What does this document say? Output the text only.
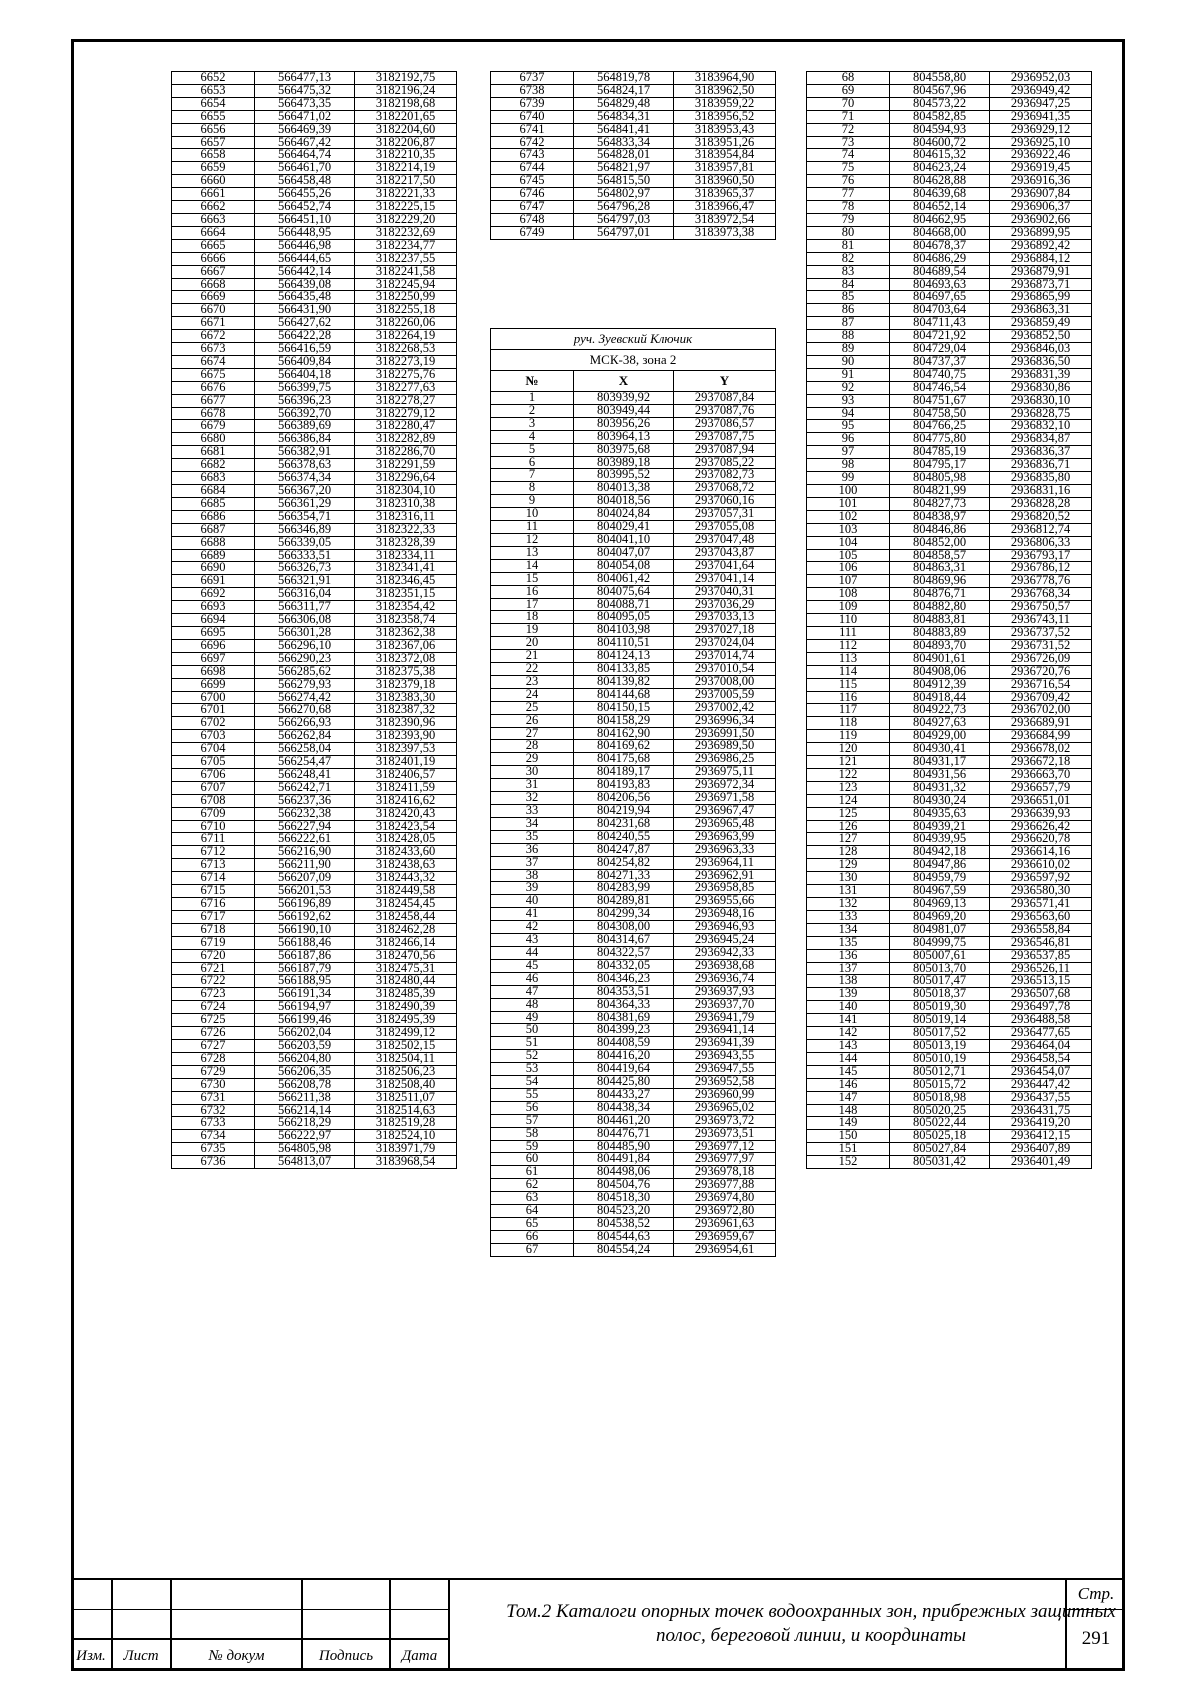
6652	566477,13	3182192,75
6653	566475,32	3182196,24
6654	566473,35	3182198,68
6655	566471,02	3182201,65
6656	566469,39	3182204,60
6657	566467,42	3182206,87
6658	566464,74	3182210,35
6659	566461,70	3182214,19
6660	566458,48	3182217,50
6661	566455,26	3182221,33
6662	566452,74	3182225,15
6663	566451,10	3182229,20
6664	566448,95	3182232,69
6665	566446,98	3182234,77
6666	566444,65	3182237,55
6667	566442,14	3182241,58
6668	566439,08	3182245,94
6669	566435,48	3182250,99
6670	566431,90	3182255,18
6671	566427,62	3182260,06
6672	566422,28	3182264,19
6673	566416,59	3182268,53
6674	566409,84	3182273,19
6675	566404,18	3182275,76
6676	566399,75	3182277,63
6677	566396,23	3182278,27
6678	566392,70	3182279,12
6679	566389,69	3182280,47
6680	566386,84	3182282,89
6681	566382,91	3182286,70
6682	566378,63	3182291,59
6683	566374,34	3182296,64
6684	566367,20	3182304,10
6685	566361,29	3182310,38
6686	566354,71	3182316,11
6687	566346,89	3182322,33
6688	566339,05	3182328,39
6689	566333,51	3182334,11
6690	566326,73	3182341,41
6691	566321,91	3182346,45
6692	566316,04	3182351,15
6693	566311,77	3182354,42
6694	566306,08	3182358,74
6695	566301,28	3182362,38
6696	566296,10	3182367,06
6697	566290,23	3182372,08
6698	566285,62	3182375,38
6699	566279,93	3182379,18
6700	566274,42	3182383,30
6701	566270,68	3182387,32
6702	566266,93	3182390,96
6703	566262,84	3182393,90
6704	566258,04	3182397,53
6705	566254,47	3182401,19
6706	566248,41	3182406,57
6707	566242,71	3182411,59
6708	566237,36	3182416,62
6709	566232,38	3182420,43
6710	566227,94	3182423,54
6711	566222,61	3182428,05
6712	566216,90	3182433,60
6713	566211,90	3182438,63
6714	566207,09	3182443,32
6715	566201,53	3182449,58
6716	566196,89	3182454,45
6717	566192,62	3182458,44
6718	566190,10	3182462,28
6719	566188,46	3182466,14
6720	566187,86	3182470,56
6721	566187,79	3182475,31
6722	566188,95	3182480,44
6723	566191,34	3182485,39
6724	566194,97	3182490,39
6725	566199,46	3182495,39
6726	566202,04	3182499,12
6727	566203,59	3182502,15
6728	566204,80	3182504,11
6729	566206,35	3182506,23
6730	566208,78	3182508,40
6731	566211,38	3182511,07
6732	566214,14	3182514,63
6733	566218,29	3182519,28
6734	566222,97	3182524,10
6735	564805,98	3183971,79
6736	564813,07	3183968,54
6737	564819,78	3183964,90
6738	564824,17	3183962,50
6739	564829,48	3183959,22
6740	564834,31	3183956,52
6741	564841,41	3183953,43
6742	564833,34	3183951,26
6743	564828,01	3183954,84
6744	564821,97	3183957,81
6745	564815,50	3183960,50
6746	564802,97	3183965,37
6747	564796,28	3183966,47
6748	564797,03	3183972,54
6749	564797,01	3183973,38
руч. Зуевский Ключик		
МСК-38, зона 2		
№	X	Y
1	803939,92	2937087,84
2	803949,44	2937087,76
3	803956,26	2937086,57
4	803964,13	2937087,75
5	803975,68	2937087,94
6	803989,18	2937085,22
7	803995,52	2937082,73
8	804013,38	2937068,72
9	804018,56	2937060,16
10	804024,84	2937057,31
11	804029,41	2937055,08
12	804041,10	2937047,48
13	804047,07	2937043,87
14	804054,08	2937041,64
15	804061,42	2937041,14
16	804075,64	2937040,31
17	804088,71	2937036,29
18	804095,05	2937033,13
19	804103,98	2937027,18
20	804110,51	2937024,04
21	804124,13	2937014,74
22	804133,85	2937010,54
23	804139,82	2937008,00
24	804144,68	2937005,59
25	804150,15	2937002,42
26	804158,29	2936996,34
27	804162,90	2936991,50
28	804169,62	2936989,50
29	804175,68	2936986,25
30	804189,17	2936975,11
31	804193,83	2936972,34
32	804206,56	2936971,58
33	804219,94	2936967,47
34	804231,68	2936965,48
35	804240,55	2936963,99
36	804247,87	2936963,33
37	804254,82	2936964,11
38	804271,33	2936962,91
39	804283,99	2936958,85
40	804289,81	2936955,66
41	804299,34	2936948,16
42	804308,00	2936946,93
43	804314,67	2936945,24
44	804322,57	2936942,33
45	804332,05	2936938,68
46	804346,23	2936936,74
47	804353,51	2936937,93
48	804364,33	2936937,70
49	804381,69	2936941,79
50	804399,23	2936941,14
51	804408,59	2936941,39
52	804416,20	2936943,55
53	804419,64	2936947,55
54	804425,80	2936952,58
55	804433,27	2936960,99
56	804438,34	2936965,02
57	804461,20	2936973,72
58	804476,71	2936973,51
59	804485,90	2936977,12
60	804491,84	2936977,97
61	804498,06	2936978,18
62	804504,76	2936977,88
63	804518,30	2936974,80
64	804523,20	2936972,80
65	804538,52	2936961,63
66	804544,63	2936959,67
67	804554,24	2936954,61
68	804558,80	2936952,03
69	804567,96	2936949,42
70	804573,22	2936947,25
71	804582,85	2936941,35
72	804594,93	2936929,12
73	804600,72	2936925,10
74	804615,32	2936922,46
75	804623,24	2936919,45
76	804628,88	2936916,36
77	804639,68	2936907,84
78	804652,14	2936906,37
79	804662,95	2936902,66
80	804668,00	2936899,95
81	804678,37	2936892,42
82	804686,29	2936884,12
83	804689,54	2936879,91
84	804693,63	2936873,71
85	804697,65	2936865,99
86	804703,64	2936863,31
87	804711,43	2936859,49
88	804721,92	2936852,50
89	804729,04	2936846,03
90	804737,37	2936836,50
91	804740,75	2936831,39
92	804746,54	2936830,86
93	804751,67	2936830,10
94	804758,50	2936828,75
95	804766,25	2936832,10
96	804775,80	2936834,87
97	804785,19	2936836,37
98	804795,17	2936836,71
99	804805,98	2936835,80
100	804821,99	2936831,16
101	804827,73	2936828,28
102	804838,97	2936820,52
103	804846,86	2936812,74
104	804852,00	2936806,33
105	804858,57	2936793,17
106	804863,31	2936786,12
107	804869,96	2936778,76
108	804876,71	2936768,34
109	804882,80	2936750,57
110	804883,81	2936743,11
111	804883,89	2936737,52
112	804893,70	2936731,52
113	804901,61	2936726,09
114	804908,06	2936720,76
115	804912,39	2936716,54
116	804918,44	2936709,42
117	804922,73	2936702,00
118	804927,63	2936689,91
119	804929,00	2936684,99
120	804930,41	2936678,02
121	804931,17	2936672,18
122	804931,56	2936663,70
123	804931,32	2936657,79
124	804930,24	2936651,01
125	804935,63	2936639,93
126	804939,21	2936626,42
127	804939,95	2936620,78
128	804942,18	2936614,16
129	804947,86	2936610,02
130	804959,79	2936597,92
131	804967,59	2936580,30
132	804969,13	2936571,41
133	804969,20	2936563,60
134	804981,07	2936558,84
135	804999,75	2936546,81
136	805007,61	2936537,85
137	805013,70	2936526,11
138	805017,47	2936513,15
139	805018,37	2936507,68
140	805019,30	2936497,78
141	805019,14	2936488,58
142	805017,52	2936477,65
143	805013,19	2936464,04
144	805010,19	2936458,54
145	805012,71	2936454,07
146	805015,72	2936447,42
147	805018,98	2936437,55
148	805020,25	2936431,75
149	805022,44	2936419,20
150	805025,18	2936412,15
151	805027,84	2936407,89
152	805031,42	2936401,49
Изм.	Лист	№ докум	Подпись	Дата
Том.2 Каталоги опорных точек водоохранных зон, прибрежных защитных полос, береговой линии, и координаты
Стр.
291
